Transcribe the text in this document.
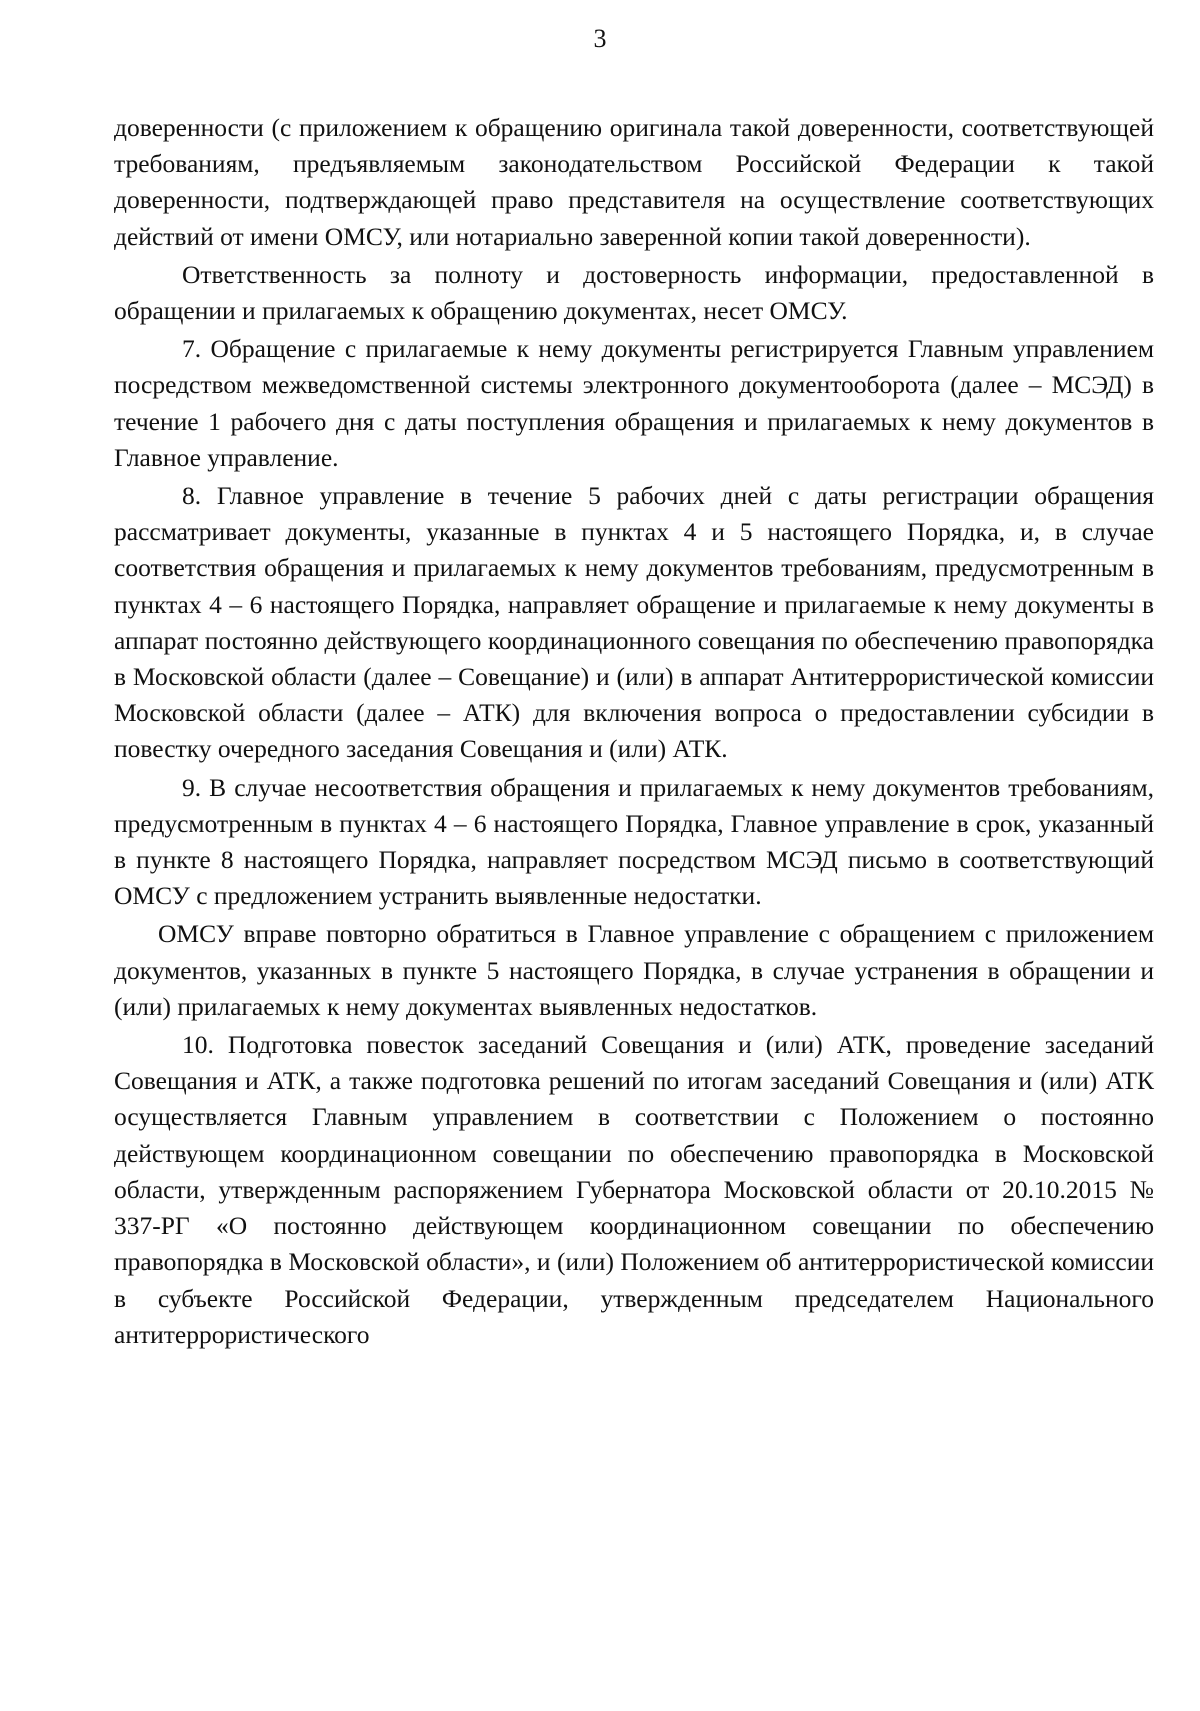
3

доверенности (с приложением к обращению оригинала такой доверенности, соответствующей требованиям, предъявляемым законодательством Российской Федерации к такой доверенности, подтверждающей право представителя на осуществление соответствующих действий от имени ОМСУ, или нотариально заверенной копии такой доверенности).

Ответственность за полноту и достоверность информации, предоставленной в обращении и прилагаемых к обращению документах, несет ОМСУ.

7. Обращение с прилагаемые к нему документы регистрируется Главным управлением посредством межведомственной системы электронного документооборота (далее – МСЭД) в течение 1 рабочего дня с даты поступления обращения и прилагаемых к нему документов в Главное управление.

8. Главное управление в течение 5 рабочих дней с даты регистрации обращения рассматривает документы, указанные в пунктах 4 и 5 настоящего Порядка, и, в случае соответствия обращения и прилагаемых к нему документов требованиям, предусмотренным в пунктах 4 – 6 настоящего Порядка, направляет обращение и прилагаемые к нему документы в аппарат постоянно действующего координационного совещания по обеспечению правопорядка в Московской области (далее – Совещание) и (или) в аппарат Антитеррористической комиссии Московской области (далее – АТК) для включения вопроса о предоставлении субсидии в повестку очередного заседания Совещания и (или) АТК.

9. В случае несоответствия обращения и прилагаемых к нему документов требованиям, предусмотренным в пунктах 4 – 6 настоящего Порядка, Главное управление в срок, указанный в пункте 8 настоящего Порядка, направляет посредством МСЭД письмо в соответствующий ОМСУ с предложением устранить выявленные недостатки.

ОМСУ вправе повторно обратиться в Главное управление с обращением с приложением документов, указанных в пункте 5 настоящего Порядка, в случае устранения в обращении и (или) прилагаемых к нему документах выявленных недостатков.

10. Подготовка повесток заседаний Совещания и (или) АТК, проведение заседаний Совещания и АТК, а также подготовка решений по итогам заседаний Совещания и (или) АТК осуществляется Главным управлением в соответствии с Положением о постоянно действующем координационном совещании по обеспечению правопорядка в Московской области, утвержденным распоряжением Губернатора Московской области от 20.10.2015 № 337-РГ «О постоянно действующем координационном совещании по обеспечению правопорядка в Московской области», и (или) Положением об антитеррористической комиссии в субъекте Российской Федерации, утвержденным председателем Национального антитеррористического
